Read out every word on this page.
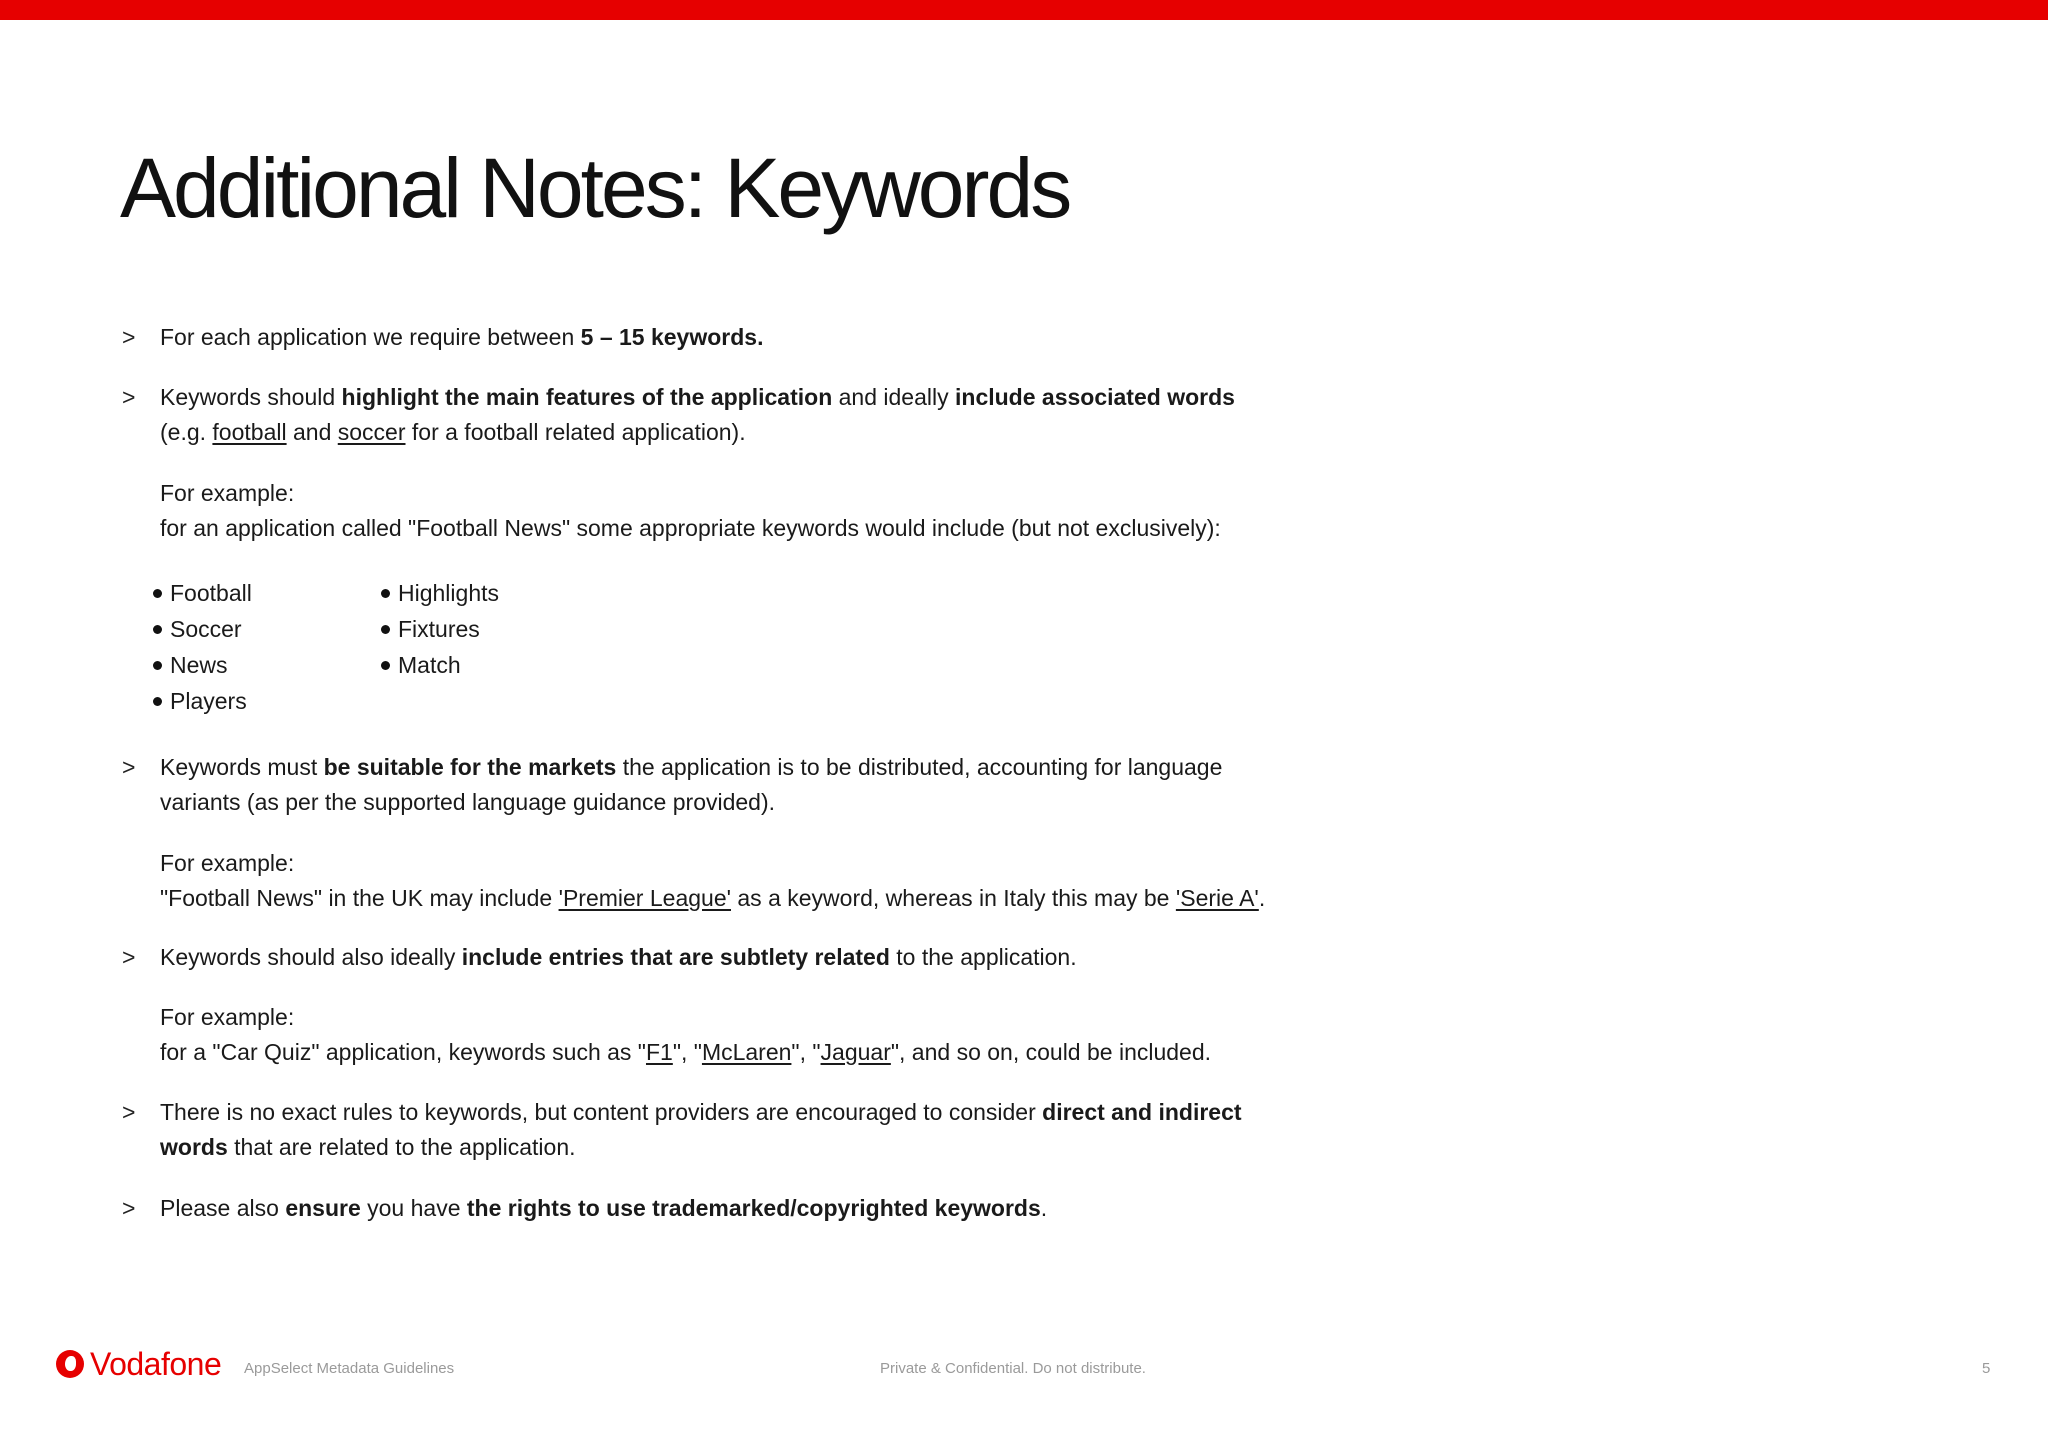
Additional Notes: Keywords
> For each application we require between 5 – 15 keywords.
> Keywords should highlight the main features of the application and ideally include associated words
(e.g. football and soccer for a football related application).
For example:
for an application called "Football News" some appropriate keywords would include (but not exclusively):
Football
Soccer
News
Players
Highlights
Fixtures
Match
> Keywords must be suitable for the markets the application is to be distributed, accounting for language
variants (as per the supported language guidance provided).
For example:
"Football News" in the UK may include 'Premier League' as a keyword, whereas in Italy this may be 'Serie A'.
> Keywords should also ideally include entries that are subtlety related to the application.
For example:
for a "Car Quiz" application, keywords such as "F1", "McLaren", "Jaguar", and so on, could be included.
> There is no exact rules to keywords, but content providers are encouraged to consider direct and indirect
words that are related to the application.
> Please also ensure you have the rights to use trademarked/copyrighted keywords.
Vodafone AppSelect Metadata Guidelines	Private & Confidential. Do not distribute.	5
